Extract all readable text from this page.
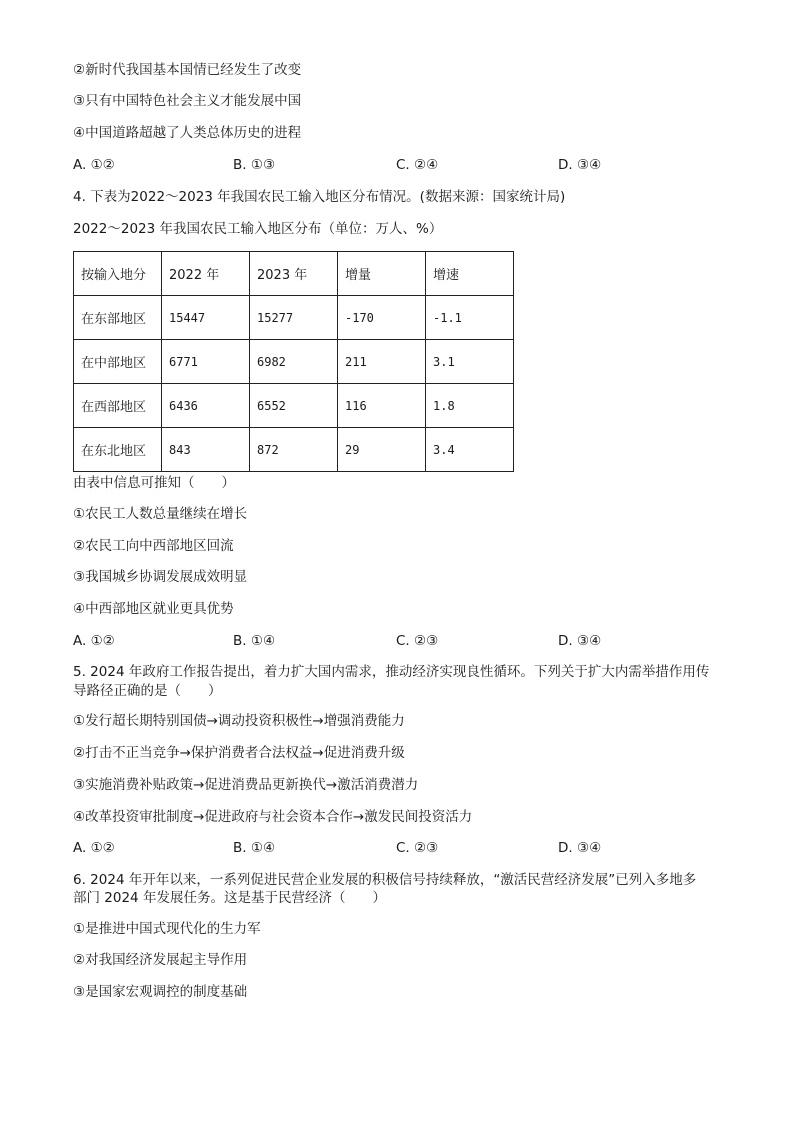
②新时代我国基本国情已经发生了改变
③只有中国特色社会主义才能发展中国
④中国道路超越了人类总体历史的进程
A. ①②	B. ①③	C. ②④	D. ③④
4. 下表为2022～2023 年我国农民工输入地区分布情况。(数据来源：国家统计局)
2022～2023 年我国农民工输入地区分布（单位：万人、%）
按输入地分	2022 年	2023 年	增量	增速
在东部地区	15447	15277	-170	-1.1
在中部地区	6771	6982	211	3.1
在西部地区	6436	6552	116	1.8
在东北地区	843	872	29	3.4
由表中信息可推知（　　）
①农民工人数总量继续在增长
②农民工向中西部地区回流
③我国城乡协调发展成效明显
④中西部地区就业更具优势
A. ①②	B. ①④	C. ②③	D. ③④
5. 2024 年政府工作报告提出，着力扩大国内需求，推动经济实现良性循环。下列关于扩大内需举措作用传
导路径正确的是（　　）
①发行超长期特别国债→调动投资积极性→增强消费能力
②打击不正当竞争→保护消费者合法权益→促进消费升级
③实施消费补贴政策→促进消费品更新换代→激活消费潜力
④改革投资审批制度→促进政府与社会资本合作→激发民间投资活力
A. ①②	B. ①④	C. ②③	D. ③④
6. 2024 年开年以来，一系列促进民营企业发展的积极信号持续释放，“激活民营经济发展”已列入多地多
部门 2024 年发展任务。这是基于民营经济（　　）
①是推进中国式现代化的生力军
②对我国经济发展起主导作用
③是国家宏观调控的制度基础
